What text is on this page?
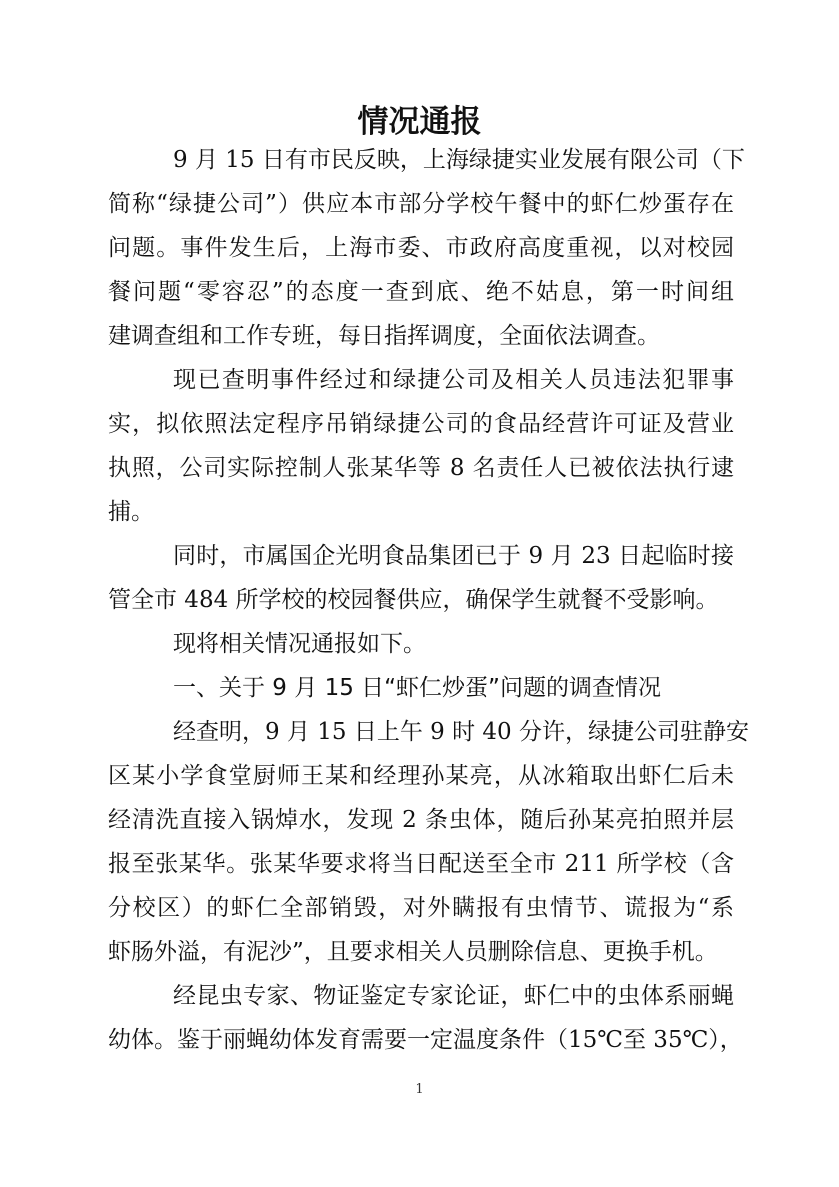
情况通报
9 月 15 日有市民反映，上海绿捷实业发展有限公司（下
简称“绿捷公司”）供应本市部分学校午餐中的虾仁炒蛋存在
问题。事件发生后，上海市委、市政府高度重视，以对校园
餐问题“零容忍”的态度一查到底、绝不姑息，第一时间组
建调查组和工作专班，每日指挥调度，全面依法调查。
现已查明事件经过和绿捷公司及相关人员违法犯罪事
实，拟依照法定程序吊销绿捷公司的食品经营许可证及营业
执照，公司实际控制人张某华等 8 名责任人已被依法执行逮
捕。
同时，市属国企光明食品集团已于 9 月 23 日起临时接
管全市 484 所学校的校园餐供应，确保学生就餐不受影响。
现将相关情况通报如下。
一、关于 9 月 15 日“虾仁炒蛋”问题的调查情况
经查明，9 月 15 日上午 9 时 40 分许，绿捷公司驻静安
区某小学食堂厨师王某和经理孙某亮，从冰箱取出虾仁后未
经清洗直接入锅焯水，发现 2 条虫体，随后孙某亮拍照并层
报至张某华。张某华要求将当日配送至全市 211 所学校（含
分校区）的虾仁全部销毁，对外瞒报有虫情节、谎报为“系
虾肠外溢，有泥沙”，且要求相关人员删除信息、更换手机。
经昆虫专家、物证鉴定专家论证，虾仁中的虫体系丽蝇
幼体。鉴于丽蝇幼体发育需要一定温度条件（15℃至 35℃），
1
